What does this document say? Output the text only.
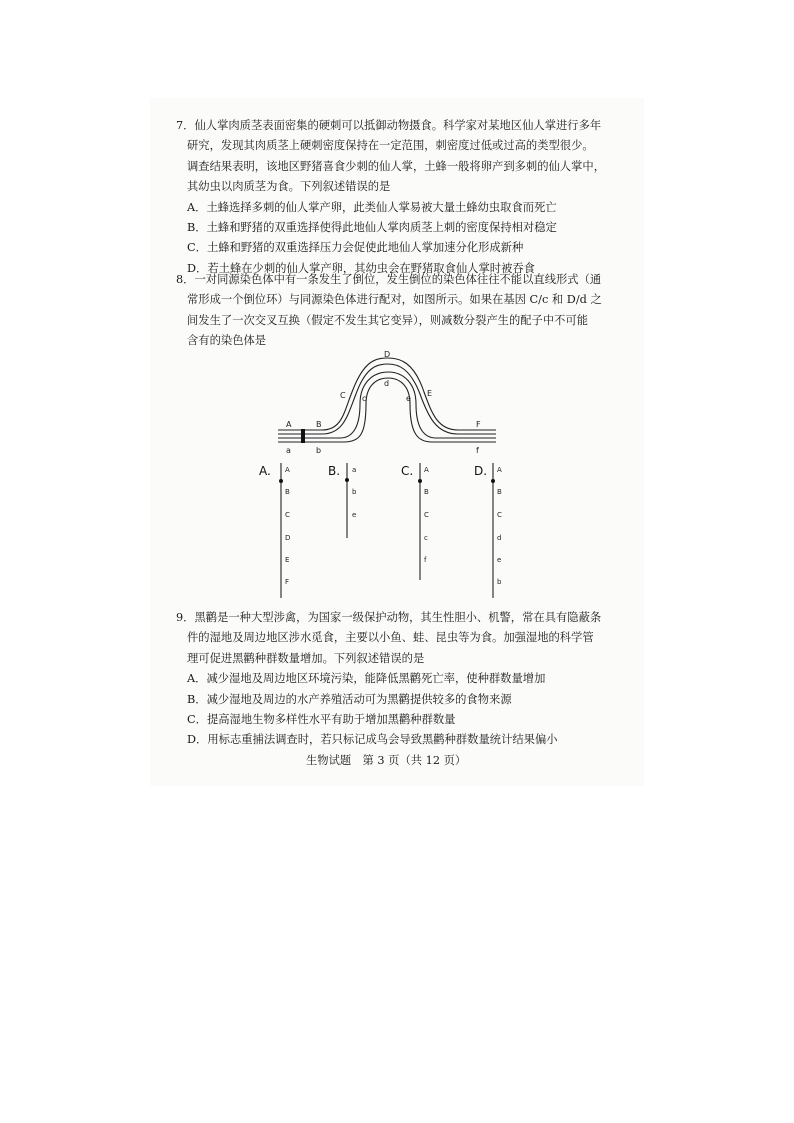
7．仙人掌肉质茎表面密集的硬刺可以抵御动物摄食。科学家对某地区仙人掌进行多年

研究，发现其肉质茎上硬刺密度保持在一定范围，刺密度过低或过高的类型很少。

调查结果表明，该地区野猪喜食少刺的仙人掌，土蜂一般将卵产到多刺的仙人掌中，

其幼虫以肉质茎为食。下列叙述错误的是

A．土蜂选择多刺的仙人掌产卵，此类仙人掌易被大量土蜂幼虫取食而死亡

B．土蜂和野猪的双重选择使得此地仙人掌肉质茎上刺的密度保持相对稳定

C．土蜂和野猪的双重选择压力会促使此地仙人掌加速分化形成新种

D．若土蜂在少刺的仙人掌产卵，其幼虫会在野猪取食仙人掌时被吞食

8．一对同源染色体中有一条发生了倒位，发生倒位的染色体往往不能以直线形式（通

常形成一个倒位环）与同源染色体进行配对，如图所示。如果在基因 C/c 和 D/d 之

间发生了一次交叉互换（假定不发生其它变异），则减数分裂产生的配子中不可能

含有的染色体是

A	B
C
D
E
F
a	b
c
d
e
f
A. A
B
C
D
E
F
B. a
b
e
C. A
B
C
c
f
D. A
B
C
d
e
b

9．黑鹳是一种大型涉禽，为国家一级保护动物，其生性胆小、机警，常在具有隐蔽条

件的湿地及周边地区涉水觅食，主要以小鱼、蛙、昆虫等为食。加强湿地的科学管

理可促进黑鹳种群数量增加。下列叙述错误的是

A．减少湿地及周边地区环境污染，能降低黑鹳死亡率，使种群数量增加

B．减少湿地及周边的水产养殖活动可为黑鹳提供较多的食物来源

C．提高湿地生物多样性水平有助于增加黑鹳种群数量

D．用标志重捕法调查时，若只标记成鸟会导致黑鹳种群数量统计结果偏小

生物试题　第 3 页（共 12 页）
